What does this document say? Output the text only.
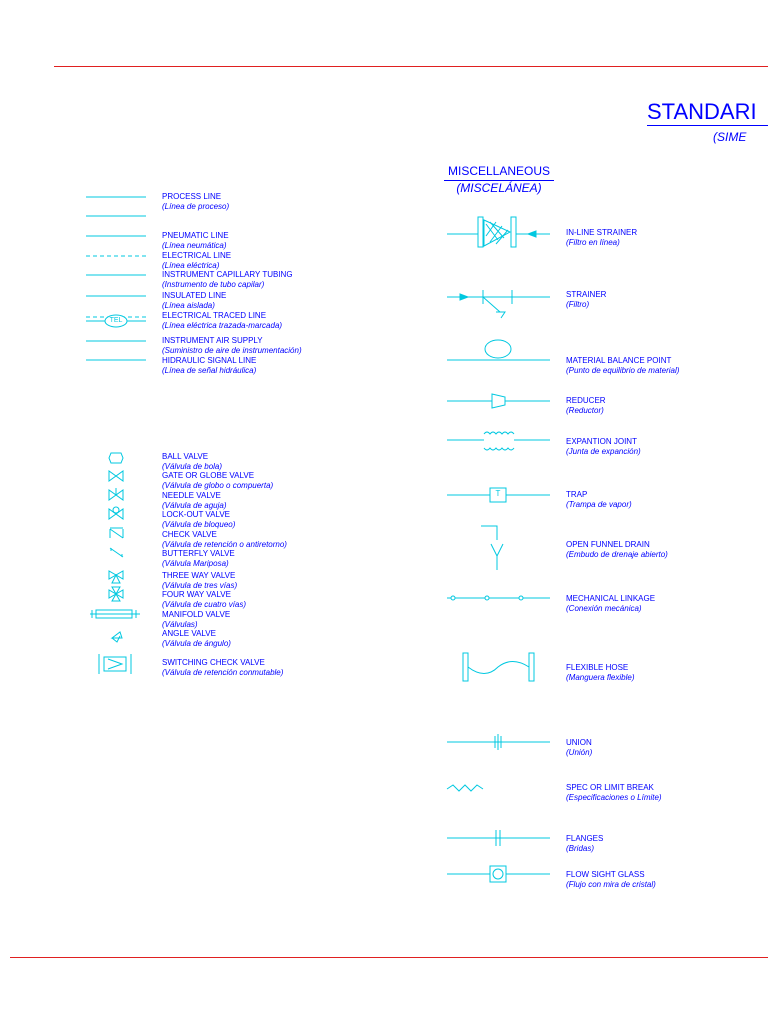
STANDARI
(SIME
MISCELLANEOUS
(MISCELÁNEA)
TEL
T
PROCESS LINE
(Línea de proceso)
PNEUMATIC LINE
(Línea neumática)
ELECTRICAL LINE
(Línea eléctrica)
INSTRUMENT CAPILLARY TUBING
(Instrumento de tubo capilar)
INSULATED LINE
(Línea aislada)
ELECTRICAL TRACED LINE
(Línea eléctrica trazada-marcada)
INSTRUMENT AIR SUPPLY
(Suministro de aire de instrumentación)
HIDRAULIC SIGNAL LINE
(Línea de señal hidráulica)
BALL VALVE
(Válvula de bola)
GATE OR GLOBE VALVE
(Válvula de globo o compuerta)
NEEDLE VALVE
(Válvula de aguja)
LOCK-OUT VALVE
(Válvula de bloqueo)
CHECK VALVE
(Válvula de retención o antiretorno)
BUTTERFLY VALVE
(Válvula Mariposa)
THREE WAY VALVE
(Válvula de tres vías)
FOUR WAY VALVE
(Válvula de cuatro vías)
MANIFOLD VALVE
(Válvulas)
ANGLE VALVE
(Válvula de ángulo)
SWITCHING CHECK VALVE
(Válvula de retención conmutable)
IN-LINE STRAINER
(Filtro en línea)
STRAINER
(Filtro)
MATERIAL BALANCE POINT
(Punto de equilibrio de material)
REDUCER
(Reductor)
EXPANTION JOINT
(Junta de expanción)
TRAP
(Trampa de vapor)
OPEN FUNNEL DRAIN
(Embudo de drenaje abierto)
MECHANICAL LINKAGE
(Conexión mecánica)
FLEXIBLE HOSE
(Manguera flexible)
UNION
(Unión)
SPEC OR LIMIT BREAK
(Especificaciones o Límite)
FLANGES
(Bridas)
FLOW SIGHT GLASS
(Flujo con mira de cristal)
